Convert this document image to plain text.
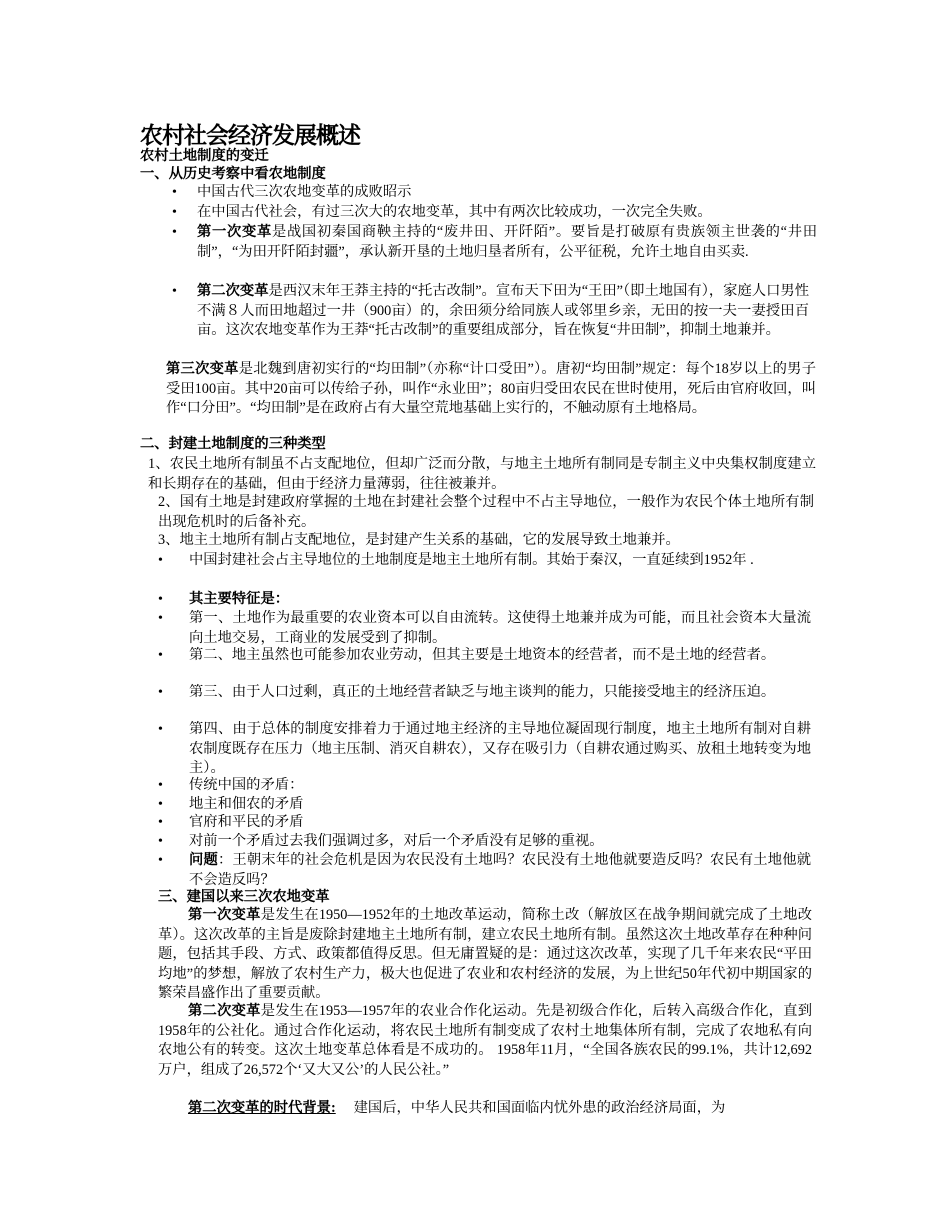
农村社会经济发展概述
农村土地制度的变迁
一、从历史考察中看农地制度
• 中国古代三次农地变革的成败昭示
• 在中国古代社会，有过三次大的农地变革，其中有两次比较成功，一次完全失败。
• 第一次变革是战国初秦国商鞅主持的“废井田、开阡陌”。要旨是打破原有贵族领主世袭的“井田制”，“为田开阡陌封疆”，承认新开垦的土地归垦者所有，公平征税，允许土地自由买卖.
• 第二次变革是西汉末年王莽主持的“托古改制”。宣布天下田为“王田”（即土地国有），家庭人口男性不满８人而田地超过一井（900亩）的，余田须分给同族人或邻里乡亲，无田的按一夫一妻授田百亩。这次农地变革作为王莽“托古改制”的重要组成部分，旨在恢复“井田制”，抑制土地兼并。
第三次变革是北魏到唐初实行的“均田制”（亦称“计口受田”）。唐初“均田制”规定：每个18岁以上的男子受田100亩。其中20亩可以传给子孙，叫作“永业田”；80亩归受田农民在世时使用，死后由官府收回，叫作“口分田”。“均田制”是在政府占有大量空荒地基础上实行的，不触动原有土地格局。
二、封建土地制度的三种类型
1、农民土地所有制虽不占支配地位，但却广泛而分散，与地主土地所有制同是专制主义中央集权制度建立和长期存在的基础，但由于经济力量薄弱，往往被兼并。
2、国有土地是封建政府掌握的土地在封建社会整个过程中不占主导地位，一般作为农民个体土地所有制出现危机时的后备补充。
3、地主土地所有制占支配地位，是封建产生关系的基础，它的发展导致土地兼并。
• 中国封建社会占主导地位的土地制度是地主土地所有制。其始于秦汉，一直延续到1952年 .
• 其主要特征是：
• 第一、土地作为最重要的农业资本可以自由流转。这使得土地兼并成为可能，而且社会资本大量流向土地交易，工商业的发展受到了抑制。
• 第二、地主虽然也可能参加农业劳动，但其主要是土地资本的经营者，而不是土地的经营者。
• 第三、由于人口过剩，真正的土地经营者缺乏与地主谈判的能力，只能接受地主的经济压迫。
• 第四、由于总体的制度安排着力于通过地主经济的主导地位凝固现行制度，地主土地所有制对自耕农制度既存在压力（地主压制、消灭自耕农），又存在吸引力（自耕农通过购买、放租土地转变为地主）。
• 传统中国的矛盾：
• 地主和佃农的矛盾
• 官府和平民的矛盾
• 对前一个矛盾过去我们强调过多，对后一个矛盾没有足够的重视。
• 问题：王朝末年的社会危机是因为农民没有土地吗？农民没有土地他就要造反吗？农民有土地他就不会造反吗？
三、建国以来三次农地变革
第一次变革是发生在1950—1952年的土地改革运动，简称土改（解放区在战争期间就完成了土地改革）。这次改革的主旨是废除封建地主土地所有制，建立农民土地所有制。虽然这次土地改革存在种种问题，包括其手段、方式、政策都值得反思。但无庸置疑的是：通过这次改革，实现了几千年来农民“平田均地”的梦想，解放了农村生产力，极大也促进了农业和农村经济的发展，为上世纪50年代初中期国家的繁荣昌盛作出了重要贡献。
第二次变革是发生在1953—1957年的农业合作化运动。先是初级合作化，后转入高级合作化，直到1958年的公社化。通过合作化运动，将农民土地所有制变成了农村土地集体所有制，完成了农地私有向农地公有的转变。这次土地变革总体看是不成功的。 1958年11月，“全国各族农民的99.1%，共计12,692万户，组成了26,572个‘又大又公’的人民公社。”
第二次变革的时代背景:　 建国后，中华人民共和国面临内忧外患的政治经济局面，为
